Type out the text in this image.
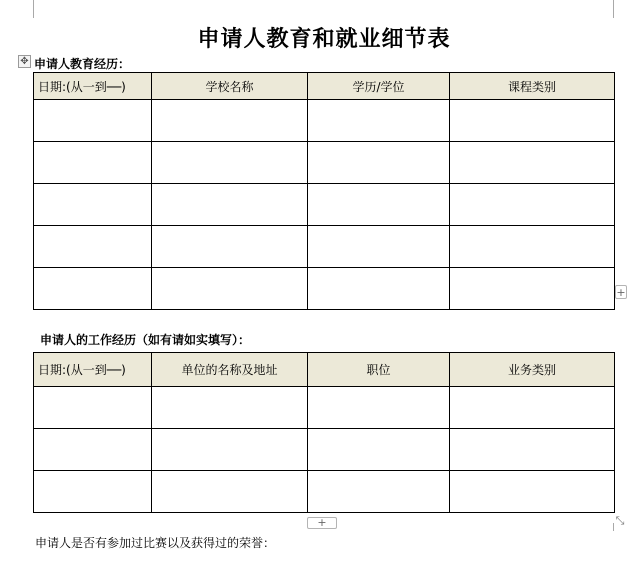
申请人教育和就业细节表
✥ 申请人教育经历：
日期:(从一到──)	学校名称	学历/学位	课程类别

+
申请人的工作经历（如有请如实填写）：
日期:(从一到──)	单位的名称及地址	职位	业务类别

+	⤡
申请人是否有参加过比赛以及获得过的荣誉：
